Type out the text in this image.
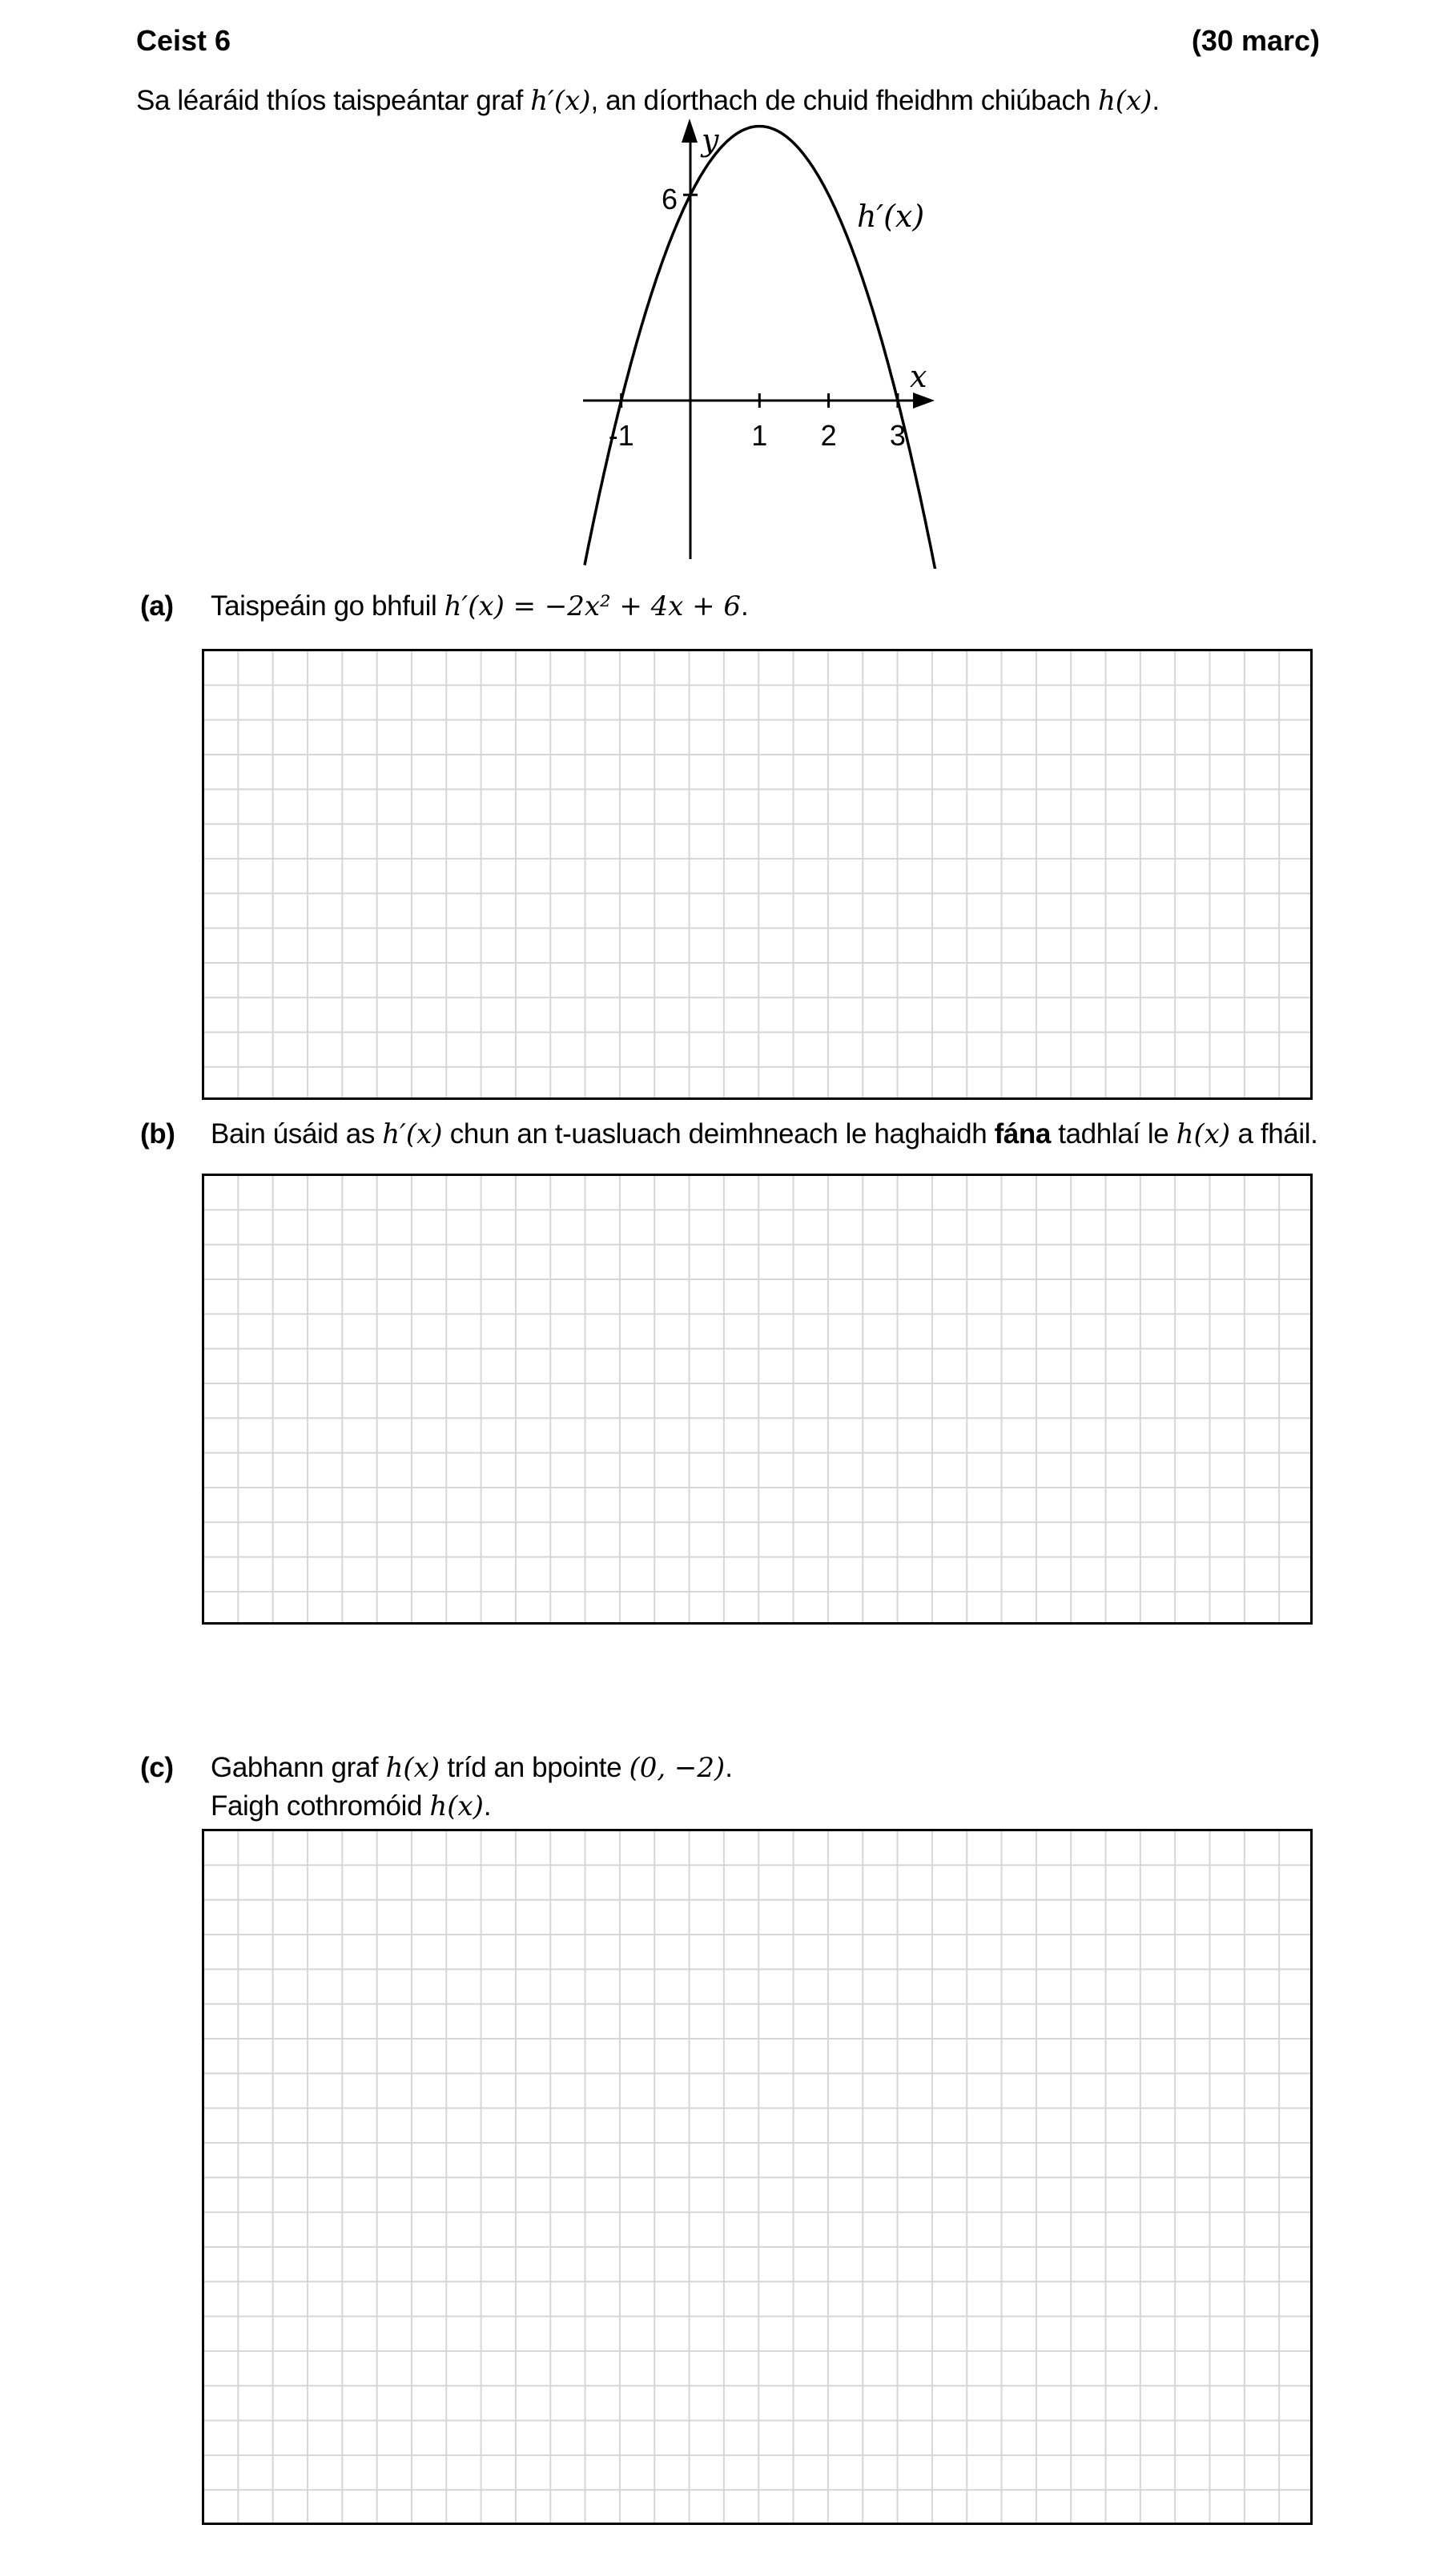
Ceist 6	(30 marc)
Sa léaráid thíos taispeántar graf h′(x), an díorthach de chuid fheidhm chiúbach h(x).
-1	1 2 3
6
y
x
h′(x)
(a)	Taispeáin go bhfuil h′(x) = −2x² + 4x + 6.
(b)	Bain úsáid as h′(x) chun an t-uasluach deimhneach le haghaidh fána tadhlaí le h(x) a fháil.
(c)	Gabhann graf h(x) tríd an bpointe (0, −2).
Faigh cothromóid h(x).
